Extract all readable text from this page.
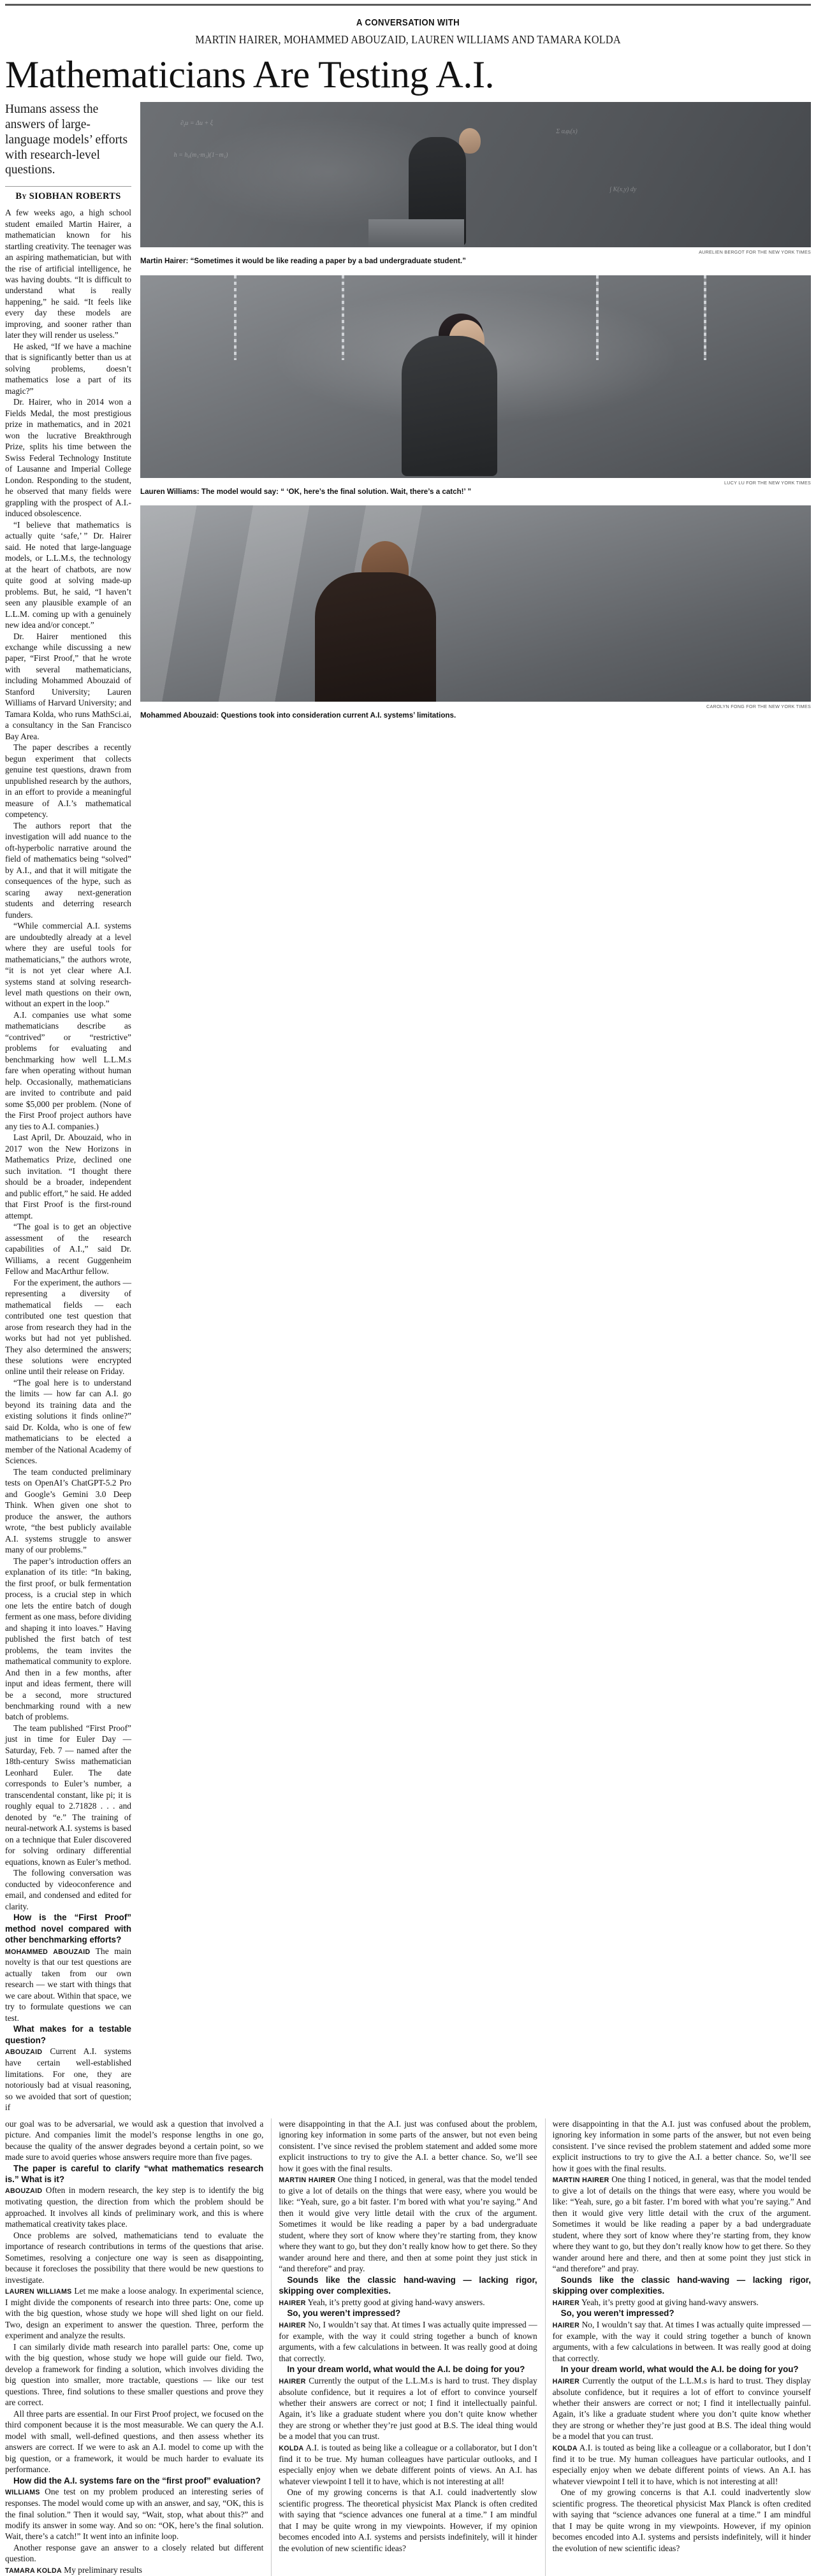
A CONVERSATION WITH
MARTIN HAIRER, MOHAMMED ABOUZAID, LAUREN WILLIAMS AND TAMARA KOLDA
Mathematicians Are Testing A.I.
Humans assess the answers of large-language models’ efforts with research-level questions.
By SIOBHAN ROBERTS

A few weeks ago, a high school student emailed Martin Hairer, a mathematician known for his startling creativity. The teenager was an aspiring mathematician, but with the rise of artificial intelligence, he was having doubts. “It is difficult to understand what is really happening,” he said. “It feels like every day these models are improving, and sooner rather than later they will render us useless.”

He asked, “If we have a machine that is significantly better than us at solving problems, doesn’t mathematics lose a part of its magic?”

Dr. Hairer, who in 2014 won a Fields Medal, the most prestigious prize in mathematics, and in 2021 won the lucrative Breakthrough Prize, splits his time between the Swiss Federal Technology Institute of Lausanne and Imperial College London. Responding to the student, he observed that many fields were grappling with the prospect of A.I.-induced obsolescence.

“I believe that mathematics is actually quite ‘safe,’ ” Dr. Hairer said. He noted that large-language models, or L.L.M.s, the technology at the heart of chatbots, are now quite good at solving made-up problems. But, he said, “I haven’t seen any plausible example of an L.L.M. coming up with a genuinely new idea and/or concept.”

Dr. Hairer mentioned this exchange while discussing a new paper, “First Proof,” that he wrote with several mathematicians, including Mohammed Abouzaid of Stanford University; Lauren Williams of Harvard University; and Tamara Kolda, who runs MathSci.ai, a consultancy in the San Francisco Bay Area.

The paper describes a recently begun experiment that collects genuine test questions, drawn from unpublished research by the authors, in an effort to provide a meaningful measure of A.I.’s mathematical competency.

The authors report that the investigation will add nuance to the oft-hyperbolic narrative around the field of mathematics being “solved” by A.I., and that it will mitigate the consequences of the hype, such as scaring away next-generation students and deterring research funders.

“While commercial A.I. systems are undoubtedly already at a level where they are useful tools for mathematicians,” the authors wrote, “it is not yet clear where A.I. systems stand at solving research-level math questions on their own, without an expert in the loop.”

A.I. companies use what some mathematicians describe as “contrived” or “restrictive” problems for evaluating and benchmarking how well L.L.M.s fare when operating without human help. Occasionally, mathematicians are invited to contribute and paid some $5,000 per problem. (None of the First Proof project authors have any ties to A.I. companies.)

Last April, Dr. Abouzaid, who in 2017 won the New Horizons in Mathematics Prize, declined one such invitation. “I thought there should be a broader, independent and public effort,” he said. He added that First Proof is the first-round attempt.

“The goal is to get an objective assessment of the research capabilities of A.I.,” said Dr. Williams, a recent Guggenheim Fellow and MacArthur fellow.

For the experiment, the authors — representing a diversity of mathematical fields — each contributed one test question that arose from research they had in the works but had not yet published. They also determined the answers; these solutions were encrypted online until their release on Friday.

“The goal here is to understand the limits — how far can A.I. go beyond its training data and the existing solutions it finds online?” said Dr. Kolda, who is one of few mathematicians to be elected a member of the National Academy of Sciences.

The team conducted preliminary tests on OpenAI’s ChatGPT-5.2 Pro and Google’s Gemini 3.0 Deep Think. When given one shot to produce the answer, the authors wrote, “the best publicly available A.I. systems struggle to answer many of our problems.”

The paper’s introduction offers an explanation of its title: “In baking, the first proof, or bulk fermentation process, is a crucial step in which one lets the entire batch of dough ferment as one mass, before dividing and shaping it into loaves.” Having published the first batch of test problems, the team invites the mathematical community to explore. And then in a few months, after input and ideas ferment, there will be a second, more structured benchmarking round with a new batch of problems.

The team published “First Proof” just in time for Euler Day — Saturday, Feb. 7 — named after the 18th-century Swiss mathematician Leonhard Euler. The date corresponds to Euler’s number, a transcendental constant, like pi; it is roughly equal to 2.71828 . . . and denoted by “e.” The training of neural-network A.I. systems is based on a technique that Euler discovered for solving ordinary differential equations, known as Euler’s method.

The following conversation was conducted by videoconference and email, and condensed and edited for clarity.

How is the “First Proof” method novel compared with other benchmarking efforts?

MOHAMMED ABOUZAID The main novelty is that our test questions are actually taken from our own research — we start with things that we care about. Within that space, we try to formulate questions we can test.

What makes for a testable question?

ABOUZAID Current A.I. systems have certain well-established limitations. For one, they are notoriously bad at visual reasoning, so we avoided that sort of question; if

$\partial_tu = \Delta u + \xi$
h = h₀(m₁·m₂)(1−m₁)
Σ αᵢφᵢ(x)
∫ K(x,y) dy
AURELIEN BERGOT FOR THE NEW YORK TIMES
Martin Hairer: “Sometimes it would be like reading a paper by a bad undergraduate student.”
LUCY LU FOR THE NEW YORK TIMES
Lauren Williams: The model would say: “ ‘OK, here’s the final solution. Wait, there’s a catch!’ ”
CAROLYN FONG FOR THE NEW YORK TIMES
Mohammed Abouzaid: Questions took into consideration current A.I. systems’ limitations.

our goal was to be adversarial, we would ask a question that involved a picture. And companies limit the model’s response lengths in one go, because the quality of the answer degrades beyond a certain point, so we made sure to avoid queries whose answers require more than five pages.

The paper is careful to clarify “what mathematics research is.” What is it?

ABOUZAID Often in modern research, the key step is to identify the big motivating question, the direction from which the problem should be approached. It involves all kinds of preliminary work, and this is where mathematical creativity takes place.

Once problems are solved, mathematicians tend to evaluate the importance of research contributions in terms of the questions that arise. Sometimes, resolving a conjecture one way is seen as disappointing, because it forecloses the possibility that there would be new questions to investigate.

LAUREN WILLIAMS Let me make a loose analogy. In experimental science, I might divide the components of research into three parts: One, come up with the big question, whose study we hope will shed light on our field. Two, design an experiment to answer the question. Three, perform the experiment and analyze the results.

I can similarly divide math research into parallel parts: One, come up with the big question, whose study we hope will guide our field. Two, develop a framework for finding a solution, which involves dividing the big question into smaller, more tractable, questions — like our test questions. Three, find solutions to these smaller questions and prove they are correct.

All three parts are essential. In our First Proof project, we focused on the third component because it is the most measurable. We can query the A.I. model with small, well-defined questions, and then assess whether its answers are correct. If we were to ask an A.I. model to come up with the big question, or a framework, it would be much harder to evaluate its performance.

How did the A.I. systems fare on the “first proof” evaluation?

WILLIAMS One test on my problem produced an interesting series of responses. The model would come up with an answer, and say, “OK, this is the final solution.” Then it would say, “Wait, stop, what about this?” and modify its answer in some way. And so on: “OK, here’s the final solution. Wait, there’s a catch!” It went into an infinite loop.

Another response gave an answer to a closely related but different question.

TAMARA KOLDA My preliminary results

were disappointing in that the A.I. just was confused about the problem, ignoring key information in some parts of the answer, but not even being consistent. I’ve since revised the problem statement and added some more explicit instructions to try to give the A.I. a better chance. So, we’ll see how it goes with the final results.

MARTIN HAIRER One thing I noticed, in general, was that the model tended to give a lot of details on the things that were easy, where you would be like: “Yeah, sure, go a bit faster. I’m bored with what you’re saying.” And then it would give very little detail with the crux of the argument. Sometimes it would be like reading a paper by a bad undergraduate student, where they sort of know where they’re starting from, they know where they want to go, but they don’t really know how to get there. So they wander around here and there, and then at some point they just stick in “and therefore” and pray.

Sounds like the classic hand-waving — lacking rigor, skipping over complexities.

HAIRER Yeah, it’s pretty good at giving hand-wavy answers.

So, you weren’t impressed?

HAIRER No, I wouldn’t say that. At times I was actually quite impressed — for example, with the way it could string together a bunch of known arguments, with a few calculations in between. It was really good at doing that correctly.

In your dream world, what would the A.I. be doing for you?

HAIRER Currently the output of the L.L.M.s is hard to trust. They display absolute confidence, but it requires a lot of effort to convince yourself whether their answers are correct or not; I find it intellectually painful. Again, it’s like a graduate student where you don’t quite know whether they are strong or whether they’re just good at B.S. The ideal thing would be a model that you can trust.

KOLDA A.I. is touted as being like a colleague or a collaborator, but I don’t find it to be true. My human colleagues have particular outlooks, and I especially enjoy when we debate different points of views. An A.I. has whatever viewpoint I tell it to have, which is not interesting at all!

One of my growing concerns is that A.I. could inadvertently slow scientific progress. The theoretical physicist Max Planck is often credited with saying that “science advances one funeral at a time.” I am mindful that I may be quite wrong in my viewpoints. However, if my opinion becomes encoded into A.I. systems and persists indefinitely, will it hinder the evolution of new scientific ideas?

were disappointing in that the A.I. just was confused about the problem, ignoring key information in some parts of the answer, but not even being consistent. I’ve since revised the problem statement and added some more explicit instructions to try to give the A.I. a better chance. So, we’ll see how it goes with the final results.

MARTIN HAIRER One thing I noticed, in general, was that the model tended to give a lot of details on the things that were easy, where you would be like: “Yeah, sure, go a bit faster. I’m bored with what you’re saying.” And then it would give very little detail with the crux of the argument. Sometimes it would be like reading a paper by a bad undergraduate student, where they sort of know where they’re starting from, they know where they want to go, but they don’t really know how to get there. So they wander around here and there, and then at some point they just stick in “and therefore” and pray.

Sounds like the classic hand-waving — lacking rigor, skipping over complexities.

HAIRER Yeah, it’s pretty good at giving hand-wavy answers.

So, you weren’t impressed?

HAIRER No, I wouldn’t say that. At times I was actually quite impressed — for example, with the way it could string together a bunch of known arguments, with a few calculations in between. It was really good at doing that correctly.

In your dream world, what would the A.I. be doing for you?

HAIRER Currently the output of the L.L.M.s is hard to trust. They display absolute confidence, but it requires a lot of effort to convince yourself whether their answers are correct or not; I find it intellectually painful. Again, it’s like a graduate student where you don’t quite know whether they are strong or whether they’re just good at B.S. The ideal thing would be a model that you can trust.

KOLDA A.I. is touted as being like a colleague or a collaborator, but I don’t find it to be true. My human colleagues have particular outlooks, and I especially enjoy when we debate different points of views. An A.I. has whatever viewpoint I tell it to have, which is not interesting at all!

One of my growing concerns is that A.I. could inadvertently slow scientific progress. The theoretical physicist Max Planck is often credited with saying that “science advances one funeral at a time.” I am mindful that I may be quite wrong in my viewpoints. However, if my opinion becomes encoded into A.I. systems and persists indefinitely, will it hinder the evolution of new scientific ideas?
